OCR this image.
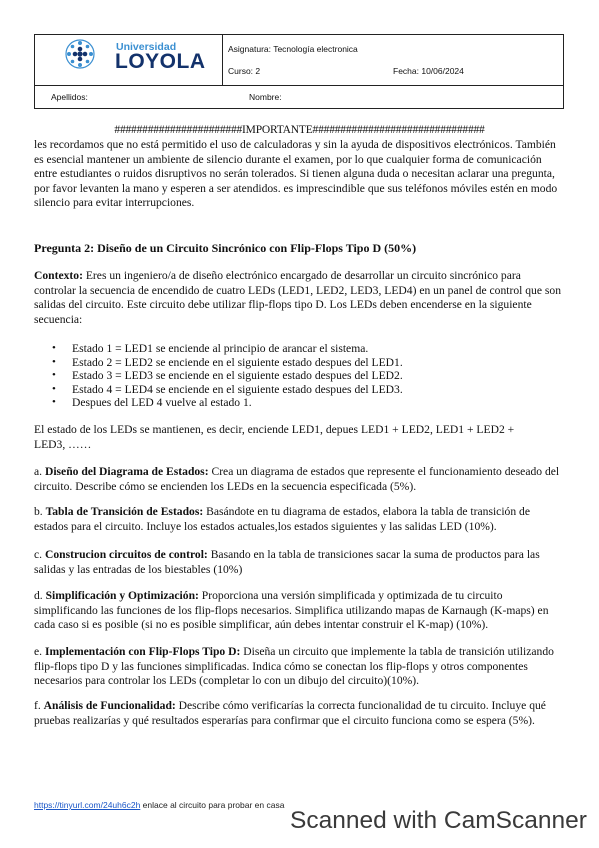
Universidad
LOYOLA
Asignatura: Tecnología electronica
Curso: 2	Fecha: 10/06/2024
Apellidos:	Nombre:
#######################IMPORTANTE###############################

les recordamos que no está permitido el uso de calculadoras y sin la ayuda de dispositivos electrónicos. También es esencial mantener un ambiente de silencio durante el examen, por lo que cualquier forma de comunicación entre estudiantes o ruidos disruptivos no serán tolerados. Si tienen alguna duda o necesitan aclarar una pregunta, por favor levanten la mano y esperen a ser atendidos. es imprescindible que sus teléfonos móviles estén en modo silencio para evitar interrupciones.

Pregunta 2: Diseño de un Circuito Sincrónico con Flip-Flops Tipo D (50%)

Contexto: Eres un ingeniero/a de diseño electrónico encargado de desarrollar un circuito sincrónico para controlar la secuencia de encendido de cuatro LEDs (LED1, LED2, LED3, LED4) en un panel de control que son salidas del circuito. Este circuito debe utilizar flip-flops tipo D. Los LEDs deben encenderse en la siguiente secuencia:

• Estado 1 = LED1 se enciende al principio de arancar el sistema.
• Estado 2 = LED2 se enciende en el siguiente estado despues del LED1.
• Estado 3 = LED3 se enciende en el siguiente estado despues del LED2.
• Estado 4 = LED4 se enciende en el siguiente estado despues del LED3.
• Despues del LED 4 vuelve al estado 1.

El estado de los LEDs se mantienen, es decir, enciende LED1, depues LED1 + LED2, LED1 + LED2 + LED3, ……

a. Diseño del Diagrama de Estados: Crea un diagrama de estados que represente el funcionamiento deseado del circuito. Describe cómo se encienden los LEDs en la secuencia especificada (5%).

b. Tabla de Transición de Estados: Basándote en tu diagrama de estados, elabora la tabla de transición de estados para el circuito. Incluye los estados actuales,los estados siguientes y las salidas LED (10%).

c. Construcion circuitos de control: Basando en la tabla de transiciones sacar la suma de productos para las salidas y las entradas de los biestables (10%)

d. Simplificación y Optimización: Proporciona una versión simplificada y optimizada de tu circuito simplificando las funciones de los flip-flops necesarios. Simplifica utilizando mapas de Karnaugh (K-maps) en cada caso si es posible (si no es posible simplificar, aún debes intentar construir el K-map) (10%).

e. Implementación con Flip-Flops Tipo D: Diseña un circuito que implemente la tabla de transición utilizando flip-flops tipo D y las funciones simplificadas. Indica cómo se conectan los flip-flops y otros componentes necesarios para controlar los LEDs (completar lo con un dibujo del circuito)(10%).

f. Análisis de Funcionalidad: Describe cómo verificarías la correcta funcionalidad de tu circuito. Incluye qué pruebas realizarías y qué resultados esperarías para confirmar que el circuito funciona como se espera (5%).

https://tinyurl.com/24uh6c2h enlace al circuito para probar en casa
Scanned with CamScanner
